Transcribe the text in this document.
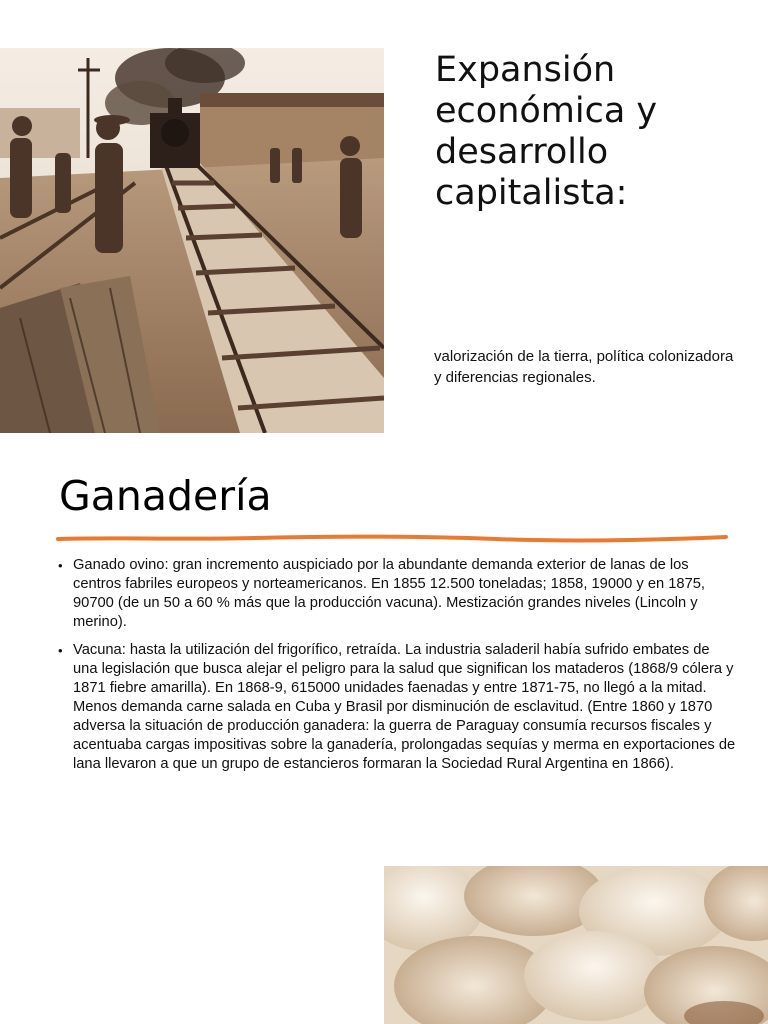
Expansión económica y desarrollo capitalista:

valorización de la tierra, política colonizadora y diferencias regionales.

Ganadería
• Ganado ovino: gran incremento auspiciado por la abundante demanda exterior de lanas de los centros fabriles europeos y norteamericanos. En 1855 12.500 toneladas; 1858, 19000 y en 1875, 90700 (de un 50 a 60 % más que la producción vacuna). Mestización grandes niveles (Lincoln y merino).
• Vacuna: hasta la utilización del frigorífico, retraída. La industria saladeril había sufrido embates de una legislación que busca alejar el peligro para la salud que significan los mataderos (1868/9 cólera y 1871 fiebre amarilla). En 1868-9, 615000 unidades faenadas y entre 1871-75, no llegó a la mitad. Menos demanda carne salada en Cuba y Brasil por disminución de esclavitud. (Entre 1860 y 1870 adversa la situación de producción ganadera: la guerra de Paraguay consumía recursos fiscales y acentuaba cargas impositivas sobre la ganadería, prolongadas sequías y merma en exportaciones de lana llevaron a que un grupo de estancieros formaran la Sociedad Rural Argentina en 1866).
